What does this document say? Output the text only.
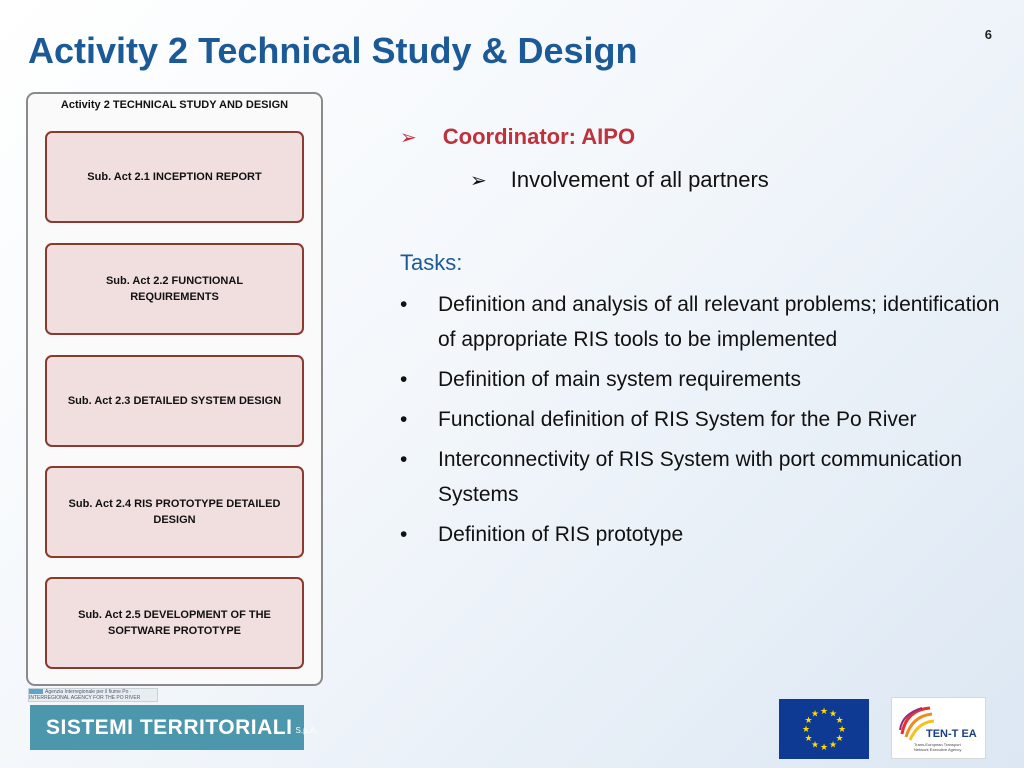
Activity 2 Technical Study & Design	6
Activity 2 TECHNICAL STUDY AND DESIGN
Sub. Act 2.1 INCEPTION REPORT
Sub. Act 2.2 FUNCTIONAL REQUIREMENTS
Sub. Act 2.3 DETAILED SYSTEM DESIGN
Sub. Act 2.4 RIS PROTOTYPE DETAILED DESIGN
Sub. Act 2.5 DEVELOPMENT OF THE SOFTWARE PROTOTYPE
➢ Coordinator: AIPO
➢ Involvement of all partners
Tasks:
• Definition and analysis of all relevant problems; identification of appropriate RIS tools to be implemented
• Definition of main system requirements
• Functional definition of RIS System for the Po River
• Interconnectivity of RIS System with port communication Systems
• Definition of RIS prototype
Agenzia Interregionale per il fiume Po · INTERREGIONAL AGENCY FOR THE PO RIVER
SISTEMI TERRITORIALI S.p.A.
★ ★
★
★
★
★
★
★
★
★
★
★
TEN-T EA
Trans-European Transport Network Executive Agency
